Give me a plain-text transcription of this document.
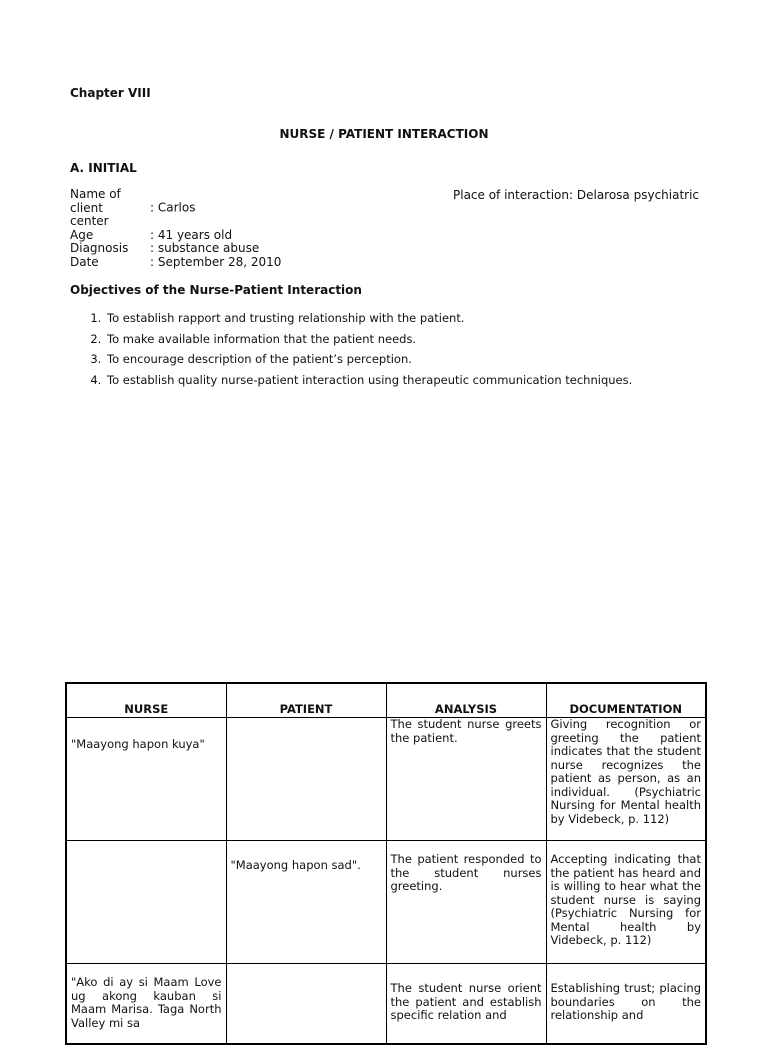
Chapter VIII
NURSE / PATIENT INTERACTION
A. INITIAL
Name of client	: Carlos
center
Age	: 41 years old
Diagnosis : substance abuse
Date	: September 28, 2010
Place of interaction: Delarosa psychiatric
Objectives of the Nurse-Patient Interaction
1. To establish rapport and trusting relationship with the patient.
2. To make available information that the patient needs.
3. To encourage description of the patient’s perception.
4. To establish quality nurse-patient interaction using therapeutic communication techniques.
NURSE	PATIENT	ANALYSIS	DOCUMENTATION
"Maayong hapon kuya"		The student nurse greets the patient.	Giving recognition or greeting the patient indicates that the student nurse recognizes the patient as person, as an individual. (Psychiatric Nursing for Mental health by Videbeck, p. 112)
	"Maayong hapon sad".	The patient responded to the student nurses greeting.	Accepting indicating that the patient has heard and is willing to hear what the student nurse is saying (Psychiatric Nursing for Mental health by Videbeck, p. 112)
"Ako di ay si Maam Love ug akong kauban si Maam Marisa. Taga North Valley mi sa		The student nurse orient the patient and establish specific relation and	Establishing trust; placing boundaries on the relationship and
